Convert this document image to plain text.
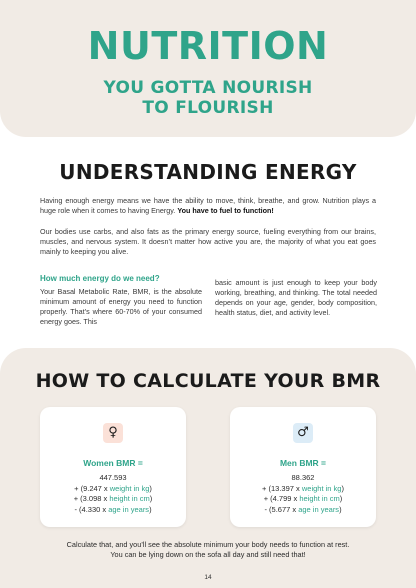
NUTRITION
YOU GOTTA NOURISH
TO FLOURISH
UNDERSTANDING ENERGY

Having enough energy means we have the ability to move, think, breathe, and grow. Nutrition plays a huge role when it comes to having Energy. You have to fuel to function!

Our bodies use carbs, and also fats as the primary energy source, fueling everything from our brains, muscles, and nervous system. It doesn’t matter how active you are, the majority of what you eat goes mainly to keeping you alive.

How much energy do we need?

Your Basal Metabolic Rate, BMR, is the absolute minimum amount of energy you need to function properly. That’s where 60-70% of your consumed energy goes. This

basic amount is just enough to keep your body working, breathing, and thinking. The total needed depends on your age, gender, body composition, health status, diet, and activity level.

HOW TO CALCULATE YOUR BMR
♀
Women BMR =
447.593
+ (9.247 x weight in kg)
+ (3.098 x height in cm)
- (4.330 x age in years)
♂
Men BMR =
88.362
+ (13.397 x weight in kg)
+ (4.799 x height in cm)
- (5.677 x age in years)
Calculate that, and you’ll see the absolute minimum your body needs to function at rest.
You can be lying down on the sofa all day and still need that!
14
